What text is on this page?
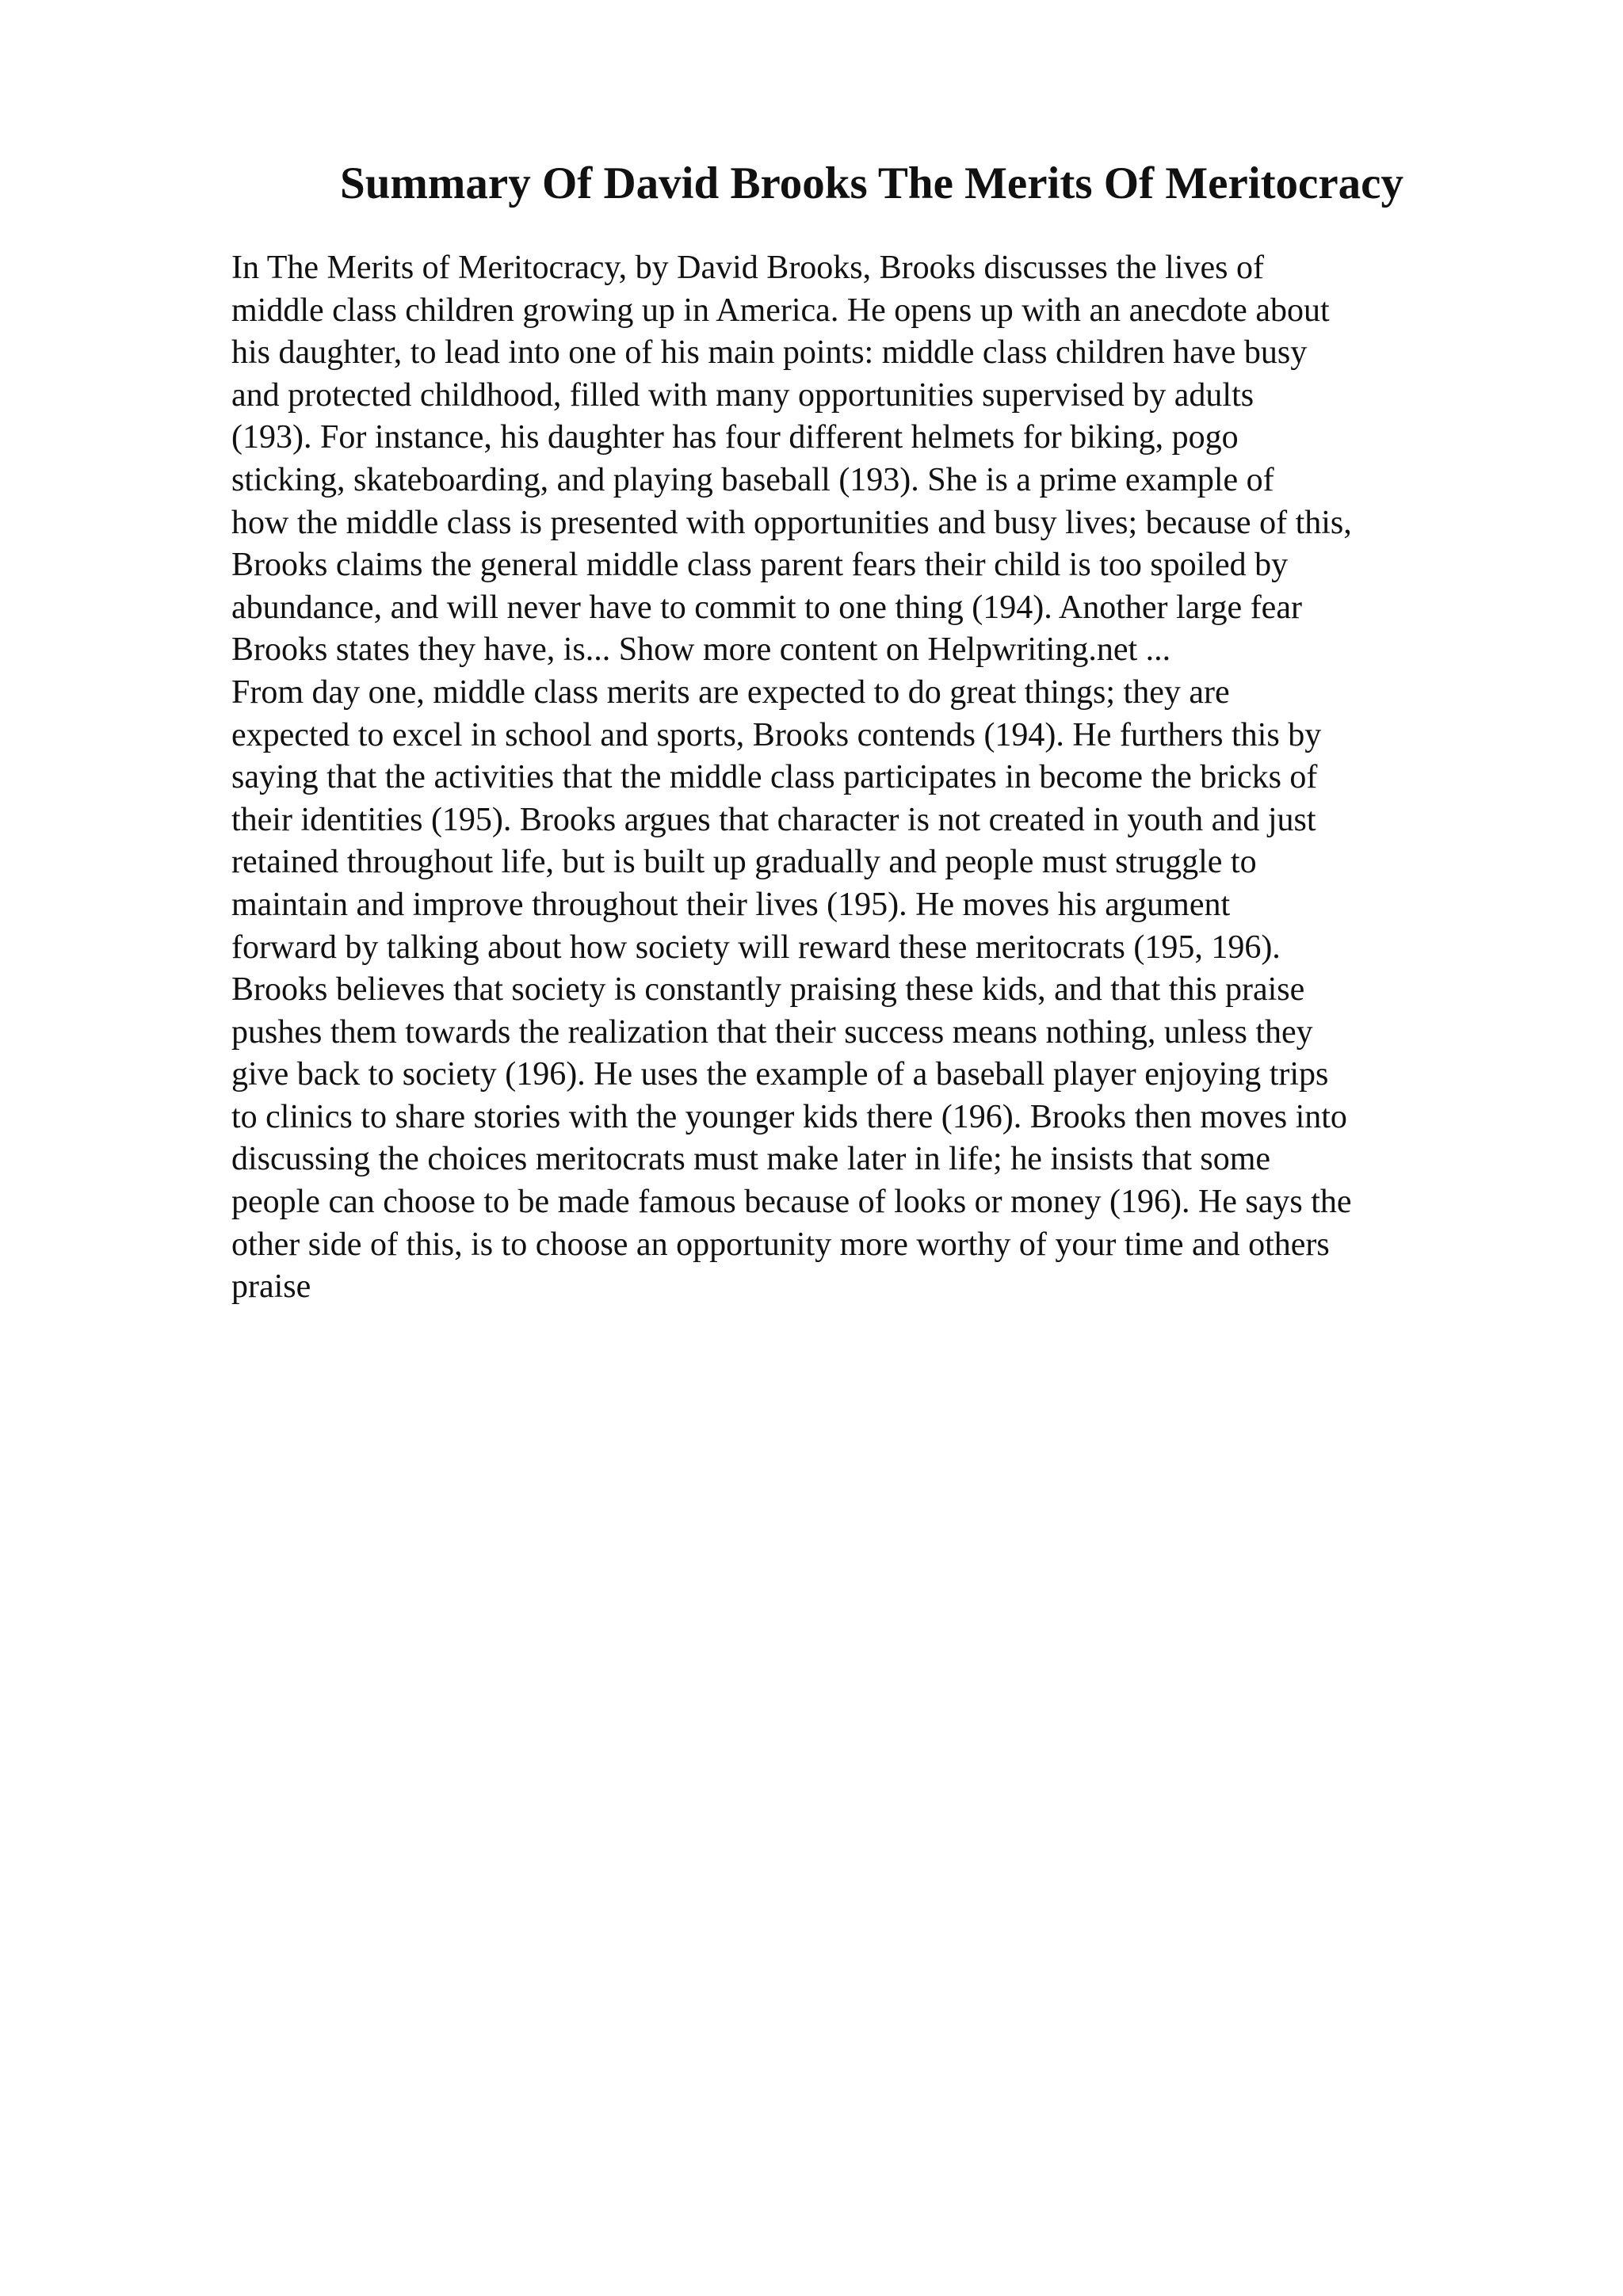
Summary Of David Brooks The Merits Of Meritocracy
In The Merits of Meritocracy, by David Brooks, Brooks discusses the lives of
middle class children growing up in America. He opens up with an anecdote about
his daughter, to lead into one of his main points: middle class children have busy
and protected childhood, filled with many opportunities supervised by adults
(193). For instance, his daughter has four different helmets for biking, pogo
sticking, skateboarding, and playing baseball (193). She is a prime example of
how the middle class is presented with opportunities and busy lives; because of this,
Brooks claims the general middle class parent fears their child is too spoiled by
abundance, and will never have to commit to one thing (194). Another large fear
Brooks states they have, is... Show more content on Helpwriting.net ...
From day one, middle class merits are expected to do great things; they are
expected to excel in school and sports, Brooks contends (194). He furthers this by
saying that the activities that the middle class participates in become the bricks of
their identities (195). Brooks argues that character is not created in youth and just
retained throughout life, but is built up gradually and people must struggle to
maintain and improve throughout their lives (195). He moves his argument
forward by talking about how society will reward these meritocrats (195, 196).
Brooks believes that society is constantly praising these kids, and that this praise
pushes them towards the realization that their success means nothing, unless they
give back to society (196). He uses the example of a baseball player enjoying trips
to clinics to share stories with the younger kids there (196). Brooks then moves into
discussing the choices meritocrats must make later in life; he insists that some
people can choose to be made famous because of looks or money (196). He says the
other side of this, is to choose an opportunity more worthy of your time and others
praise
